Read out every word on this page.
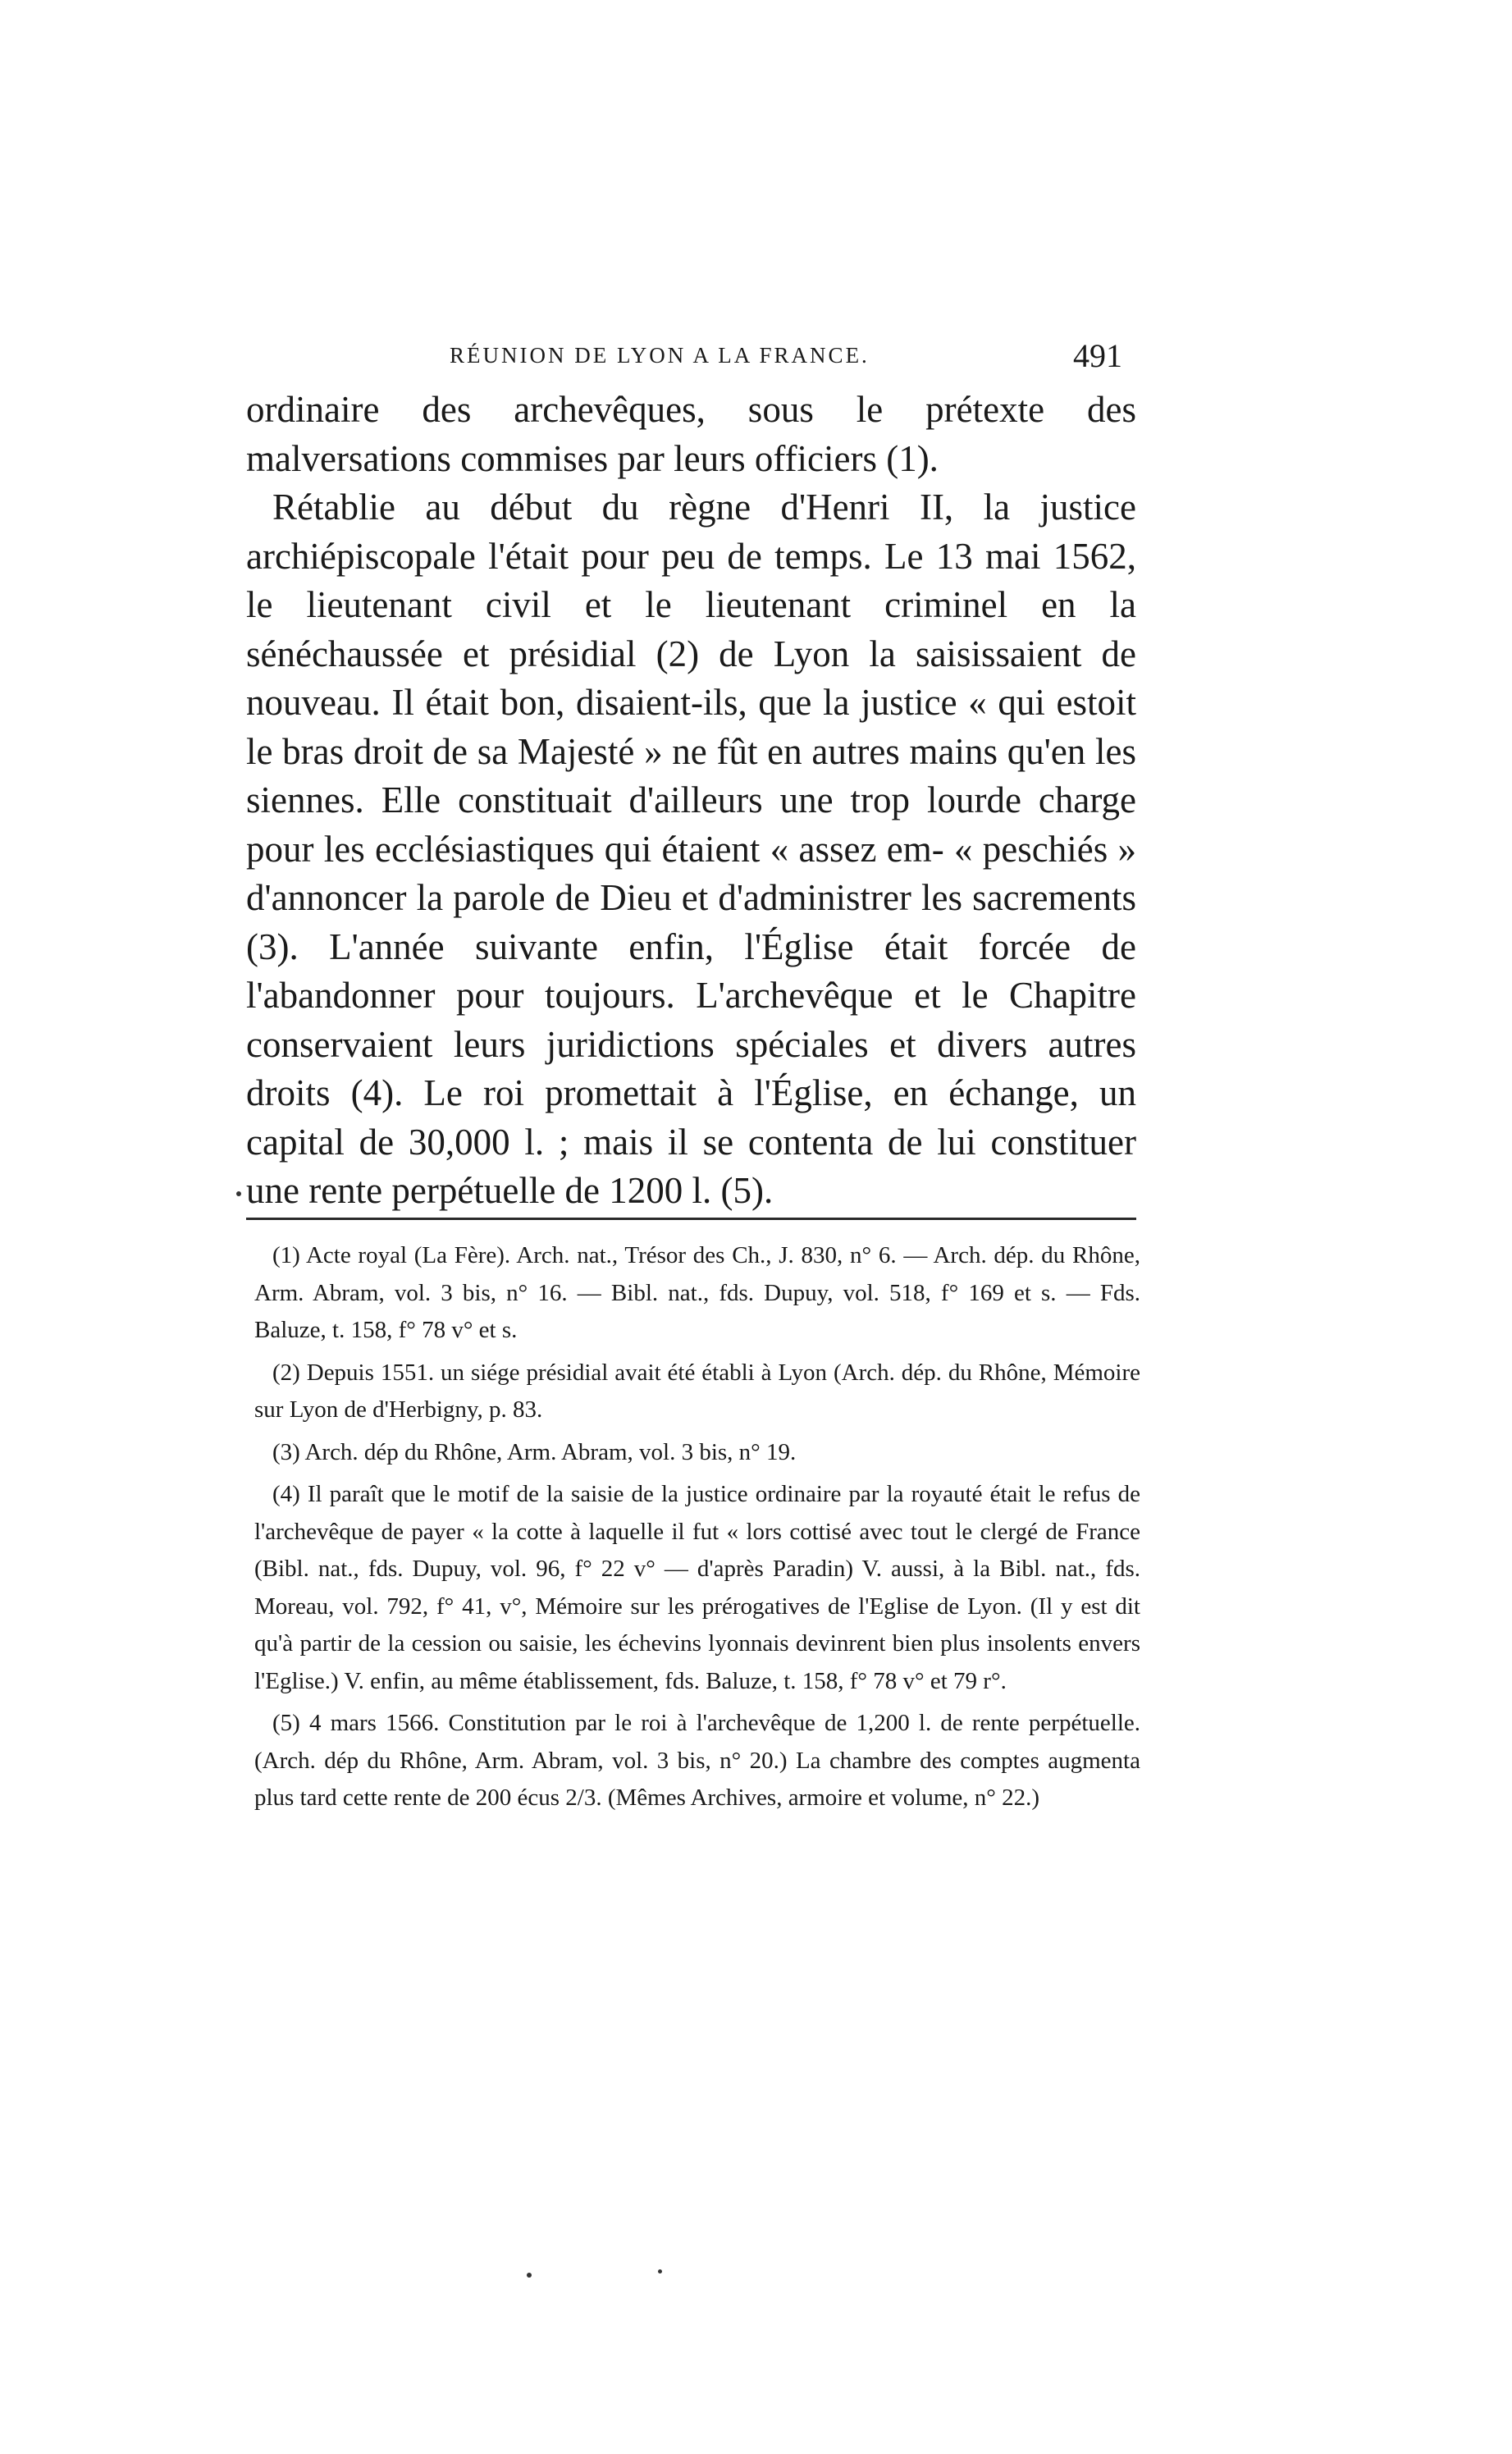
RÉUNION DE LYON A LA FRANCE.	491

ordinaire des archevêques, sous le prétexte des malversations commises par leurs officiers (1).

Rétablie au début du règne d'Henri II, la justice archiépiscopale l'était pour peu de temps. Le 13 mai 1562, le lieutenant civil et le lieutenant criminel en la sénéchaussée et présidial (2) de Lyon la saisissaient de nouveau. Il était bon, disaient-ils, que la justice « qui estoit le bras droit de sa Majesté » ne fût en autres mains qu'en les siennes. Elle constituait d'ailleurs une trop lourde charge pour les ecclésiastiques qui étaient « assez em- « peschiés » d'annoncer la parole de Dieu et d'administrer les sacrements (3). L'année suivante enfin, l'Église était forcée de l'abandonner pour toujours. L'archevêque et le Chapitre conservaient leurs juridictions spéciales et divers autres droits (4). Le roi promettait à l'Église, en échange, un capital de 30,000 l. ; mais il se contenta de lui constituer une rente perpétuelle de 1200 l. (5).

(1) Acte royal (La Fère). Arch. nat., Trésor des Ch., J. 830, n° 6. — Arch. dép. du Rhône, Arm. Abram, vol. 3 bis, n° 16. — Bibl. nat., fds. Dupuy, vol. 518, f° 169 et s. — Fds. Baluze, t. 158, f° 78 v° et s.

(2) Depuis 1551. un siége présidial avait été établi à Lyon (Arch. dép. du Rhône, Mémoire sur Lyon de d'Herbigny, p. 83.

(3) Arch. dép du Rhône, Arm. Abram, vol. 3 bis, n° 19.

(4) Il paraît que le motif de la saisie de la justice ordinaire par la royauté était le refus de l'archevêque de payer « la cotte à laquelle il fut « lors cottisé avec tout le clergé de France (Bibl. nat., fds. Dupuy, vol. 96, f° 22 v° — d'après Paradin) V. aussi, à la Bibl. nat., fds. Moreau, vol. 792, f° 41, v°, Mémoire sur les prérogatives de l'Eglise de Lyon. (Il y est dit qu'à partir de la cession ou saisie, les échevins lyonnais devinrent bien plus insolents envers l'Eglise.) V. enfin, au même établissement, fds. Baluze, t. 158, f° 78 v° et 79 r°.

(5) 4 mars 1566. Constitution par le roi à l'archevêque de 1,200 l. de rente perpétuelle. (Arch. dép du Rhône, Arm. Abram, vol. 3 bis, n° 20.) La chambre des comptes augmenta plus tard cette rente de 200 écus 2/3. (Mêmes Archives, armoire et volume, n° 22.)
